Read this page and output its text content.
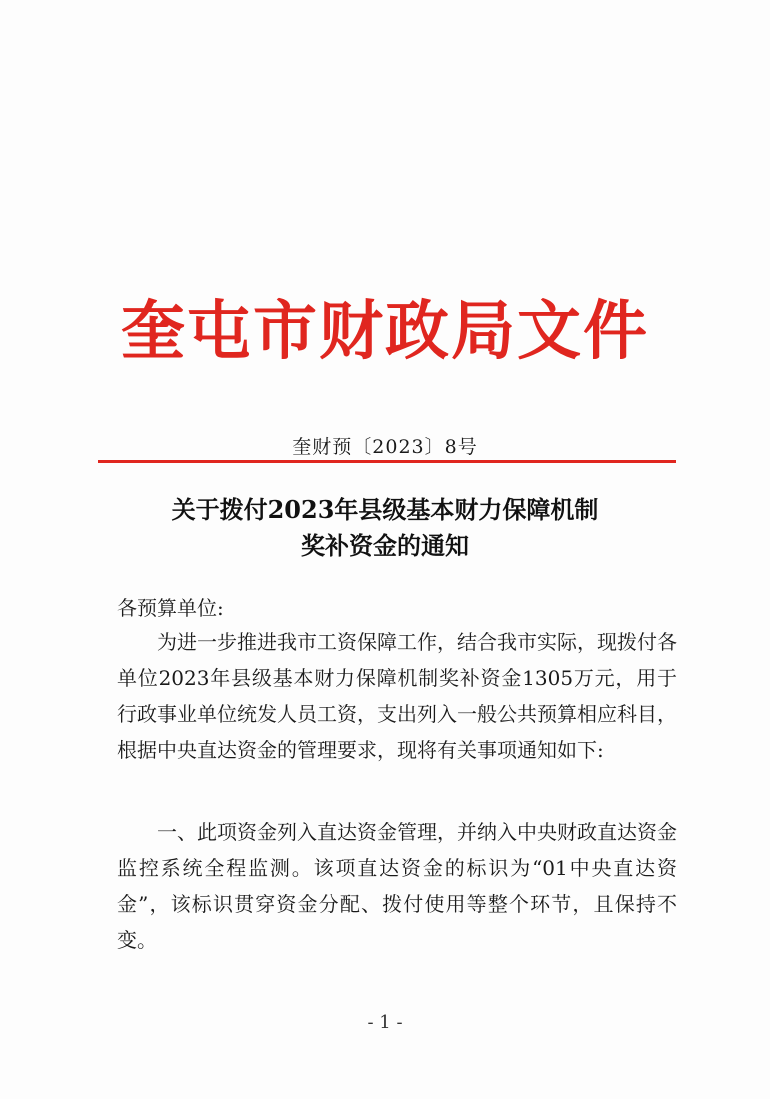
奎屯市财政局文件
奎财预〔2023〕8号
关于拨付2023年县级基本财力保障机制
奖补资金的通知
各预算单位:
为进一步推进我市工资保障工作，结合我市实际，现拨付各单位2023年县级基本财力保障机制奖补资金1305万元，用于行政事业单位统发人员工资，支出列入一般公共预算相应科目，根据中央直达资金的管理要求，现将有关事项通知如下:
一、此项资金列入直达资金管理，并纳入中央财政直达资金监控系统全程监测。该项直达资金的标识为“01中央直达资金”，该标识贯穿资金分配、拨付使用等整个环节，且保持不变。
- 1 -
